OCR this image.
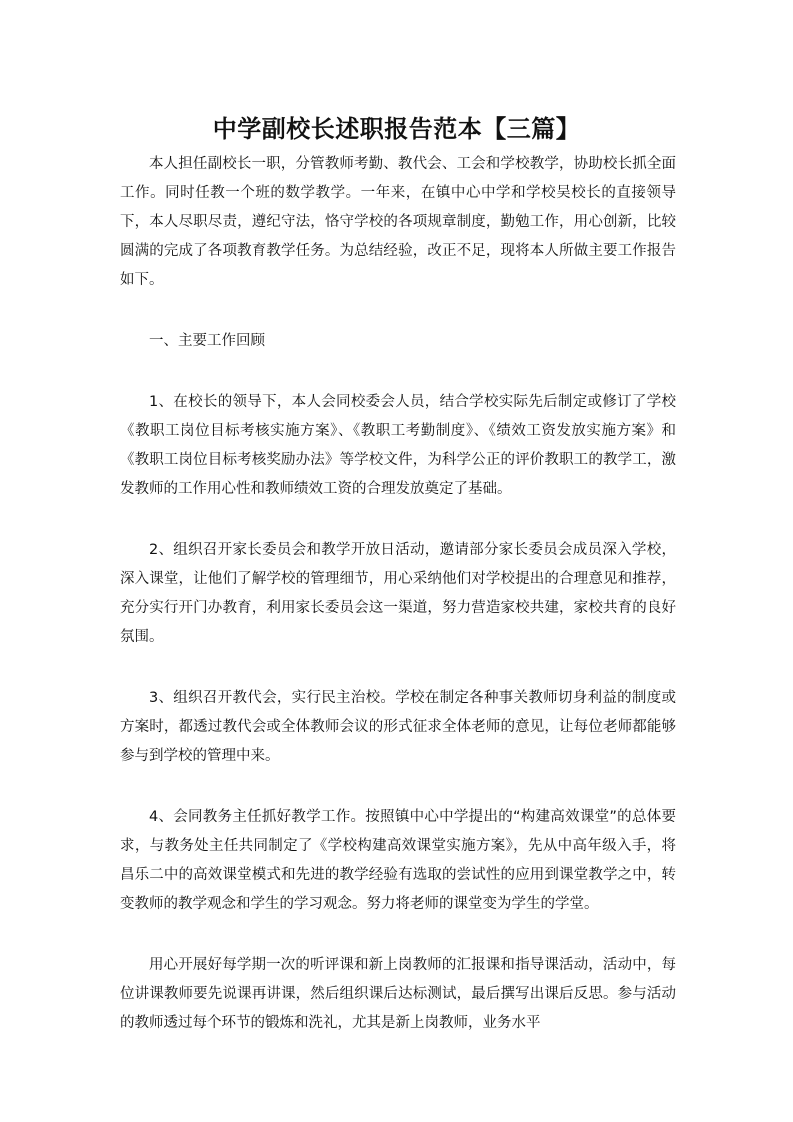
中学副校长述职报告范本【三篇】

本人担任副校长一职，分管教师考勤、教代会、工会和学校教学，协助校长抓全面工作。同时任教一个班的数学教学。一年来，在镇中心中学和学校吴校长的直接领导下，本人尽职尽责，遵纪守法，恪守学校的各项规章制度，勤勉工作，用心创新，比较圆满的完成了各项教育教学任务。为总结经验，改正不足，现将本人所做主要工作报告如下。

一、主要工作回顾

1、在校长的领导下，本人会同校委会人员，结合学校实际先后制定或修订了学校《教职工岗位目标考核实施方案》、《教职工考勤制度》、《绩效工资发放实施方案》和《教职工岗位目标考核奖励办法》等学校文件，为科学公正的评价教职工的教学工，激发教师的工作用心性和教师绩效工资的合理发放奠定了基础。

2、组织召开家长委员会和教学开放日活动，邀请部分家长委员会成员深入学校，深入课堂，让他们了解学校的管理细节，用心采纳他们对学校提出的合理意见和推荐，充分实行开门办教育，利用家长委员会这一渠道，努力营造家校共建，家校共育的良好氛围。

3、组织召开教代会，实行民主治校。学校在制定各种事关教师切身利益的制度或方案时，都透过教代会或全体教师会议的形式征求全体老师的意见，让每位老师都能够参与到学校的管理中来。

4、会同教务主任抓好教学工作。按照镇中心中学提出的“构建高效课堂”的总体要求，与教务处主任共同制定了《学校构建高效课堂实施方案》，先从中高年级入手，将昌乐二中的高效课堂模式和先进的教学经验有选取的尝试性的应用到课堂教学之中，转变教师的教学观念和学生的学习观念。努力将老师的课堂变为学生的学堂。

用心开展好每学期一次的听评课和新上岗教师的汇报课和指导课活动，活动中，每位讲课教师要先说课再讲课，然后组织课后达标测试，最后撰写出课后反思。参与活动的教师透过每个环节的锻炼和洗礼，尤其是新上岗教师，业务水平
